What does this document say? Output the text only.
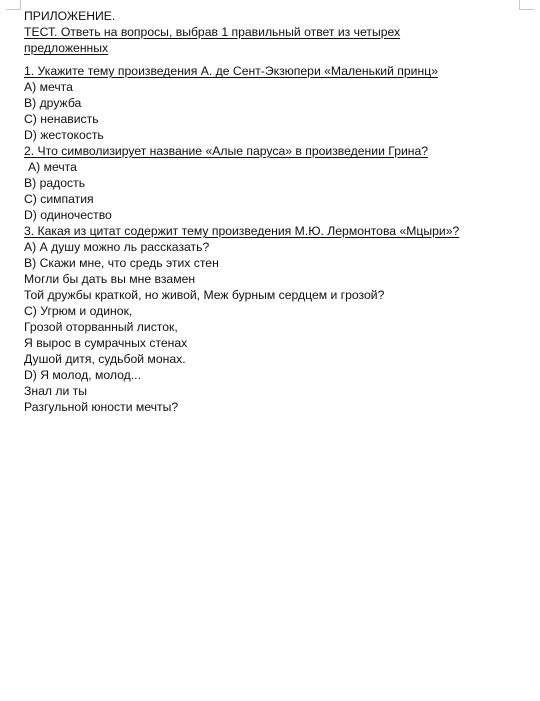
ПРИЛОЖЕНИЕ.
ТЕСТ. Ответь на вопросы, выбрав 1 правильный ответ из четырех
предложенных
1. Укажите тему произведения А. де Сент-Экзюпери «Маленький принц»
А) мечта
В) дружба
С) ненависть
D) жестокость
2. Что символизирует название «Алые паруса» в произведении Грина?
А) мечта
В) радость
С) симпатия
D) одиночество
3. Какая из цитат содержит тему произведения М.Ю. Лермонтова «Мцыри»?
А) А душу можно ль рассказать?
В) Скажи мне, что средь этих стен
Могли бы дать вы мне взамен
Той дружбы краткой, но живой, Меж бурным сердцем и грозой?
С) Угрюм и одинок,
Грозой оторванный листок,
Я вырос в сумрачных стенах
Душой дитя, судьбой монах.
D) Я молод, молод...
Знал ли ты
Разгульной юности мечты?
